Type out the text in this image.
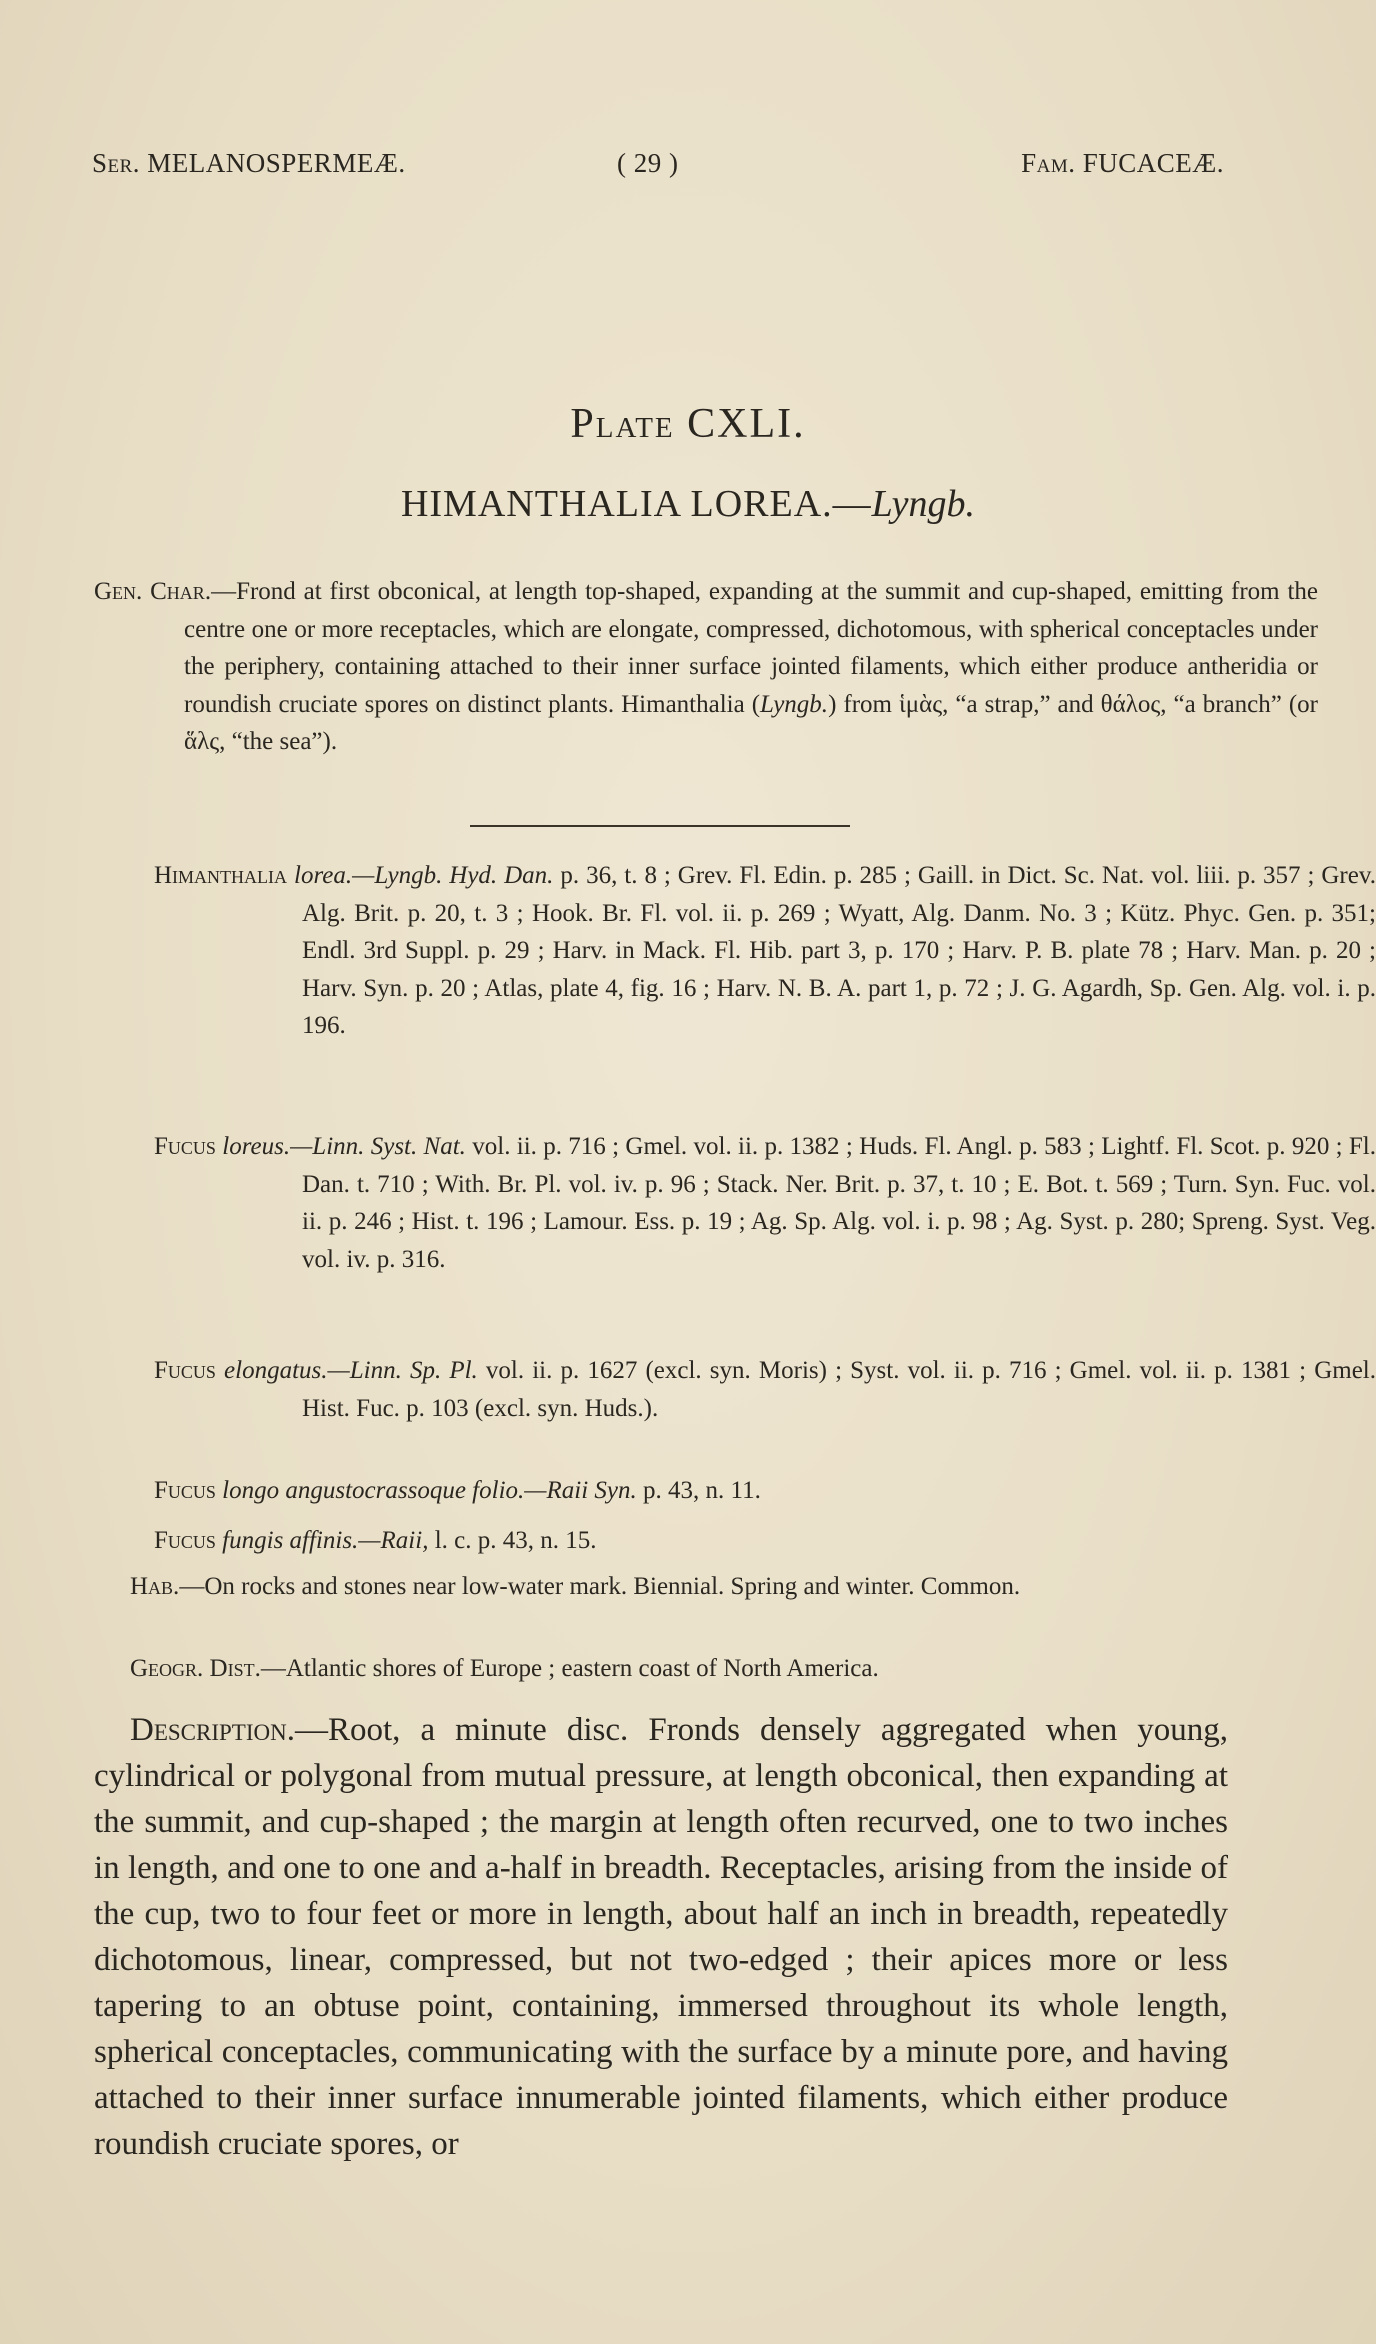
Ser. MELANOSPERMEÆ.	( 29 )	Fam. FUCACEÆ.
Plate CXLI.
HIMANTHALIA LOREA.—Lyngb.
Gen. Char.—Frond at first obconical, at length top-shaped, expanding at the summit and cup-shaped, emitting from the centre one or more receptacles, which are elongate, compressed, dichotomous, with spherical conceptacles under the periphery, containing attached to their inner surface jointed filaments, which either produce antheridia or roundish cruciate spores on distinct plants. Himanthalia (Lyngb.) from ἱμὰς, “a strap,” and θάλος, “a branch” (or ἅλς, “the sea”).
Himanthalia lorea.—Lyngb. Hyd. Dan. p. 36, t. 8 ; Grev. Fl. Edin. p. 285 ; Gaill. in Dict. Sc. Nat. vol. liii. p. 357 ; Grev. Alg. Brit. p. 20, t. 3 ; Hook. Br. Fl. vol. ii. p. 269 ; Wyatt, Alg. Danm. No. 3 ; Kütz. Phyc. Gen. p. 351; Endl. 3rd Suppl. p. 29 ; Harv. in Mack. Fl. Hib. part 3, p. 170 ; Harv. P. B. plate 78 ; Harv. Man. p. 20 ; Harv. Syn. p. 20 ; Atlas, plate 4, fig. 16 ; Harv. N. B. A. part 1, p. 72 ; J. G. Agardh, Sp. Gen. Alg. vol. i. p. 196.
Fucus loreus.—Linn. Syst. Nat. vol. ii. p. 716 ; Gmel. vol. ii. p. 1382 ; Huds. Fl. Angl. p. 583 ; Lightf. Fl. Scot. p. 920 ; Fl. Dan. t. 710 ; With. Br. Pl. vol. iv. p. 96 ; Stack. Ner. Brit. p. 37, t. 10 ; E. Bot. t. 569 ; Turn. Syn. Fuc. vol. ii. p. 246 ; Hist. t. 196 ; Lamour. Ess. p. 19 ; Ag. Sp. Alg. vol. i. p. 98 ; Ag. Syst. p. 280; Spreng. Syst. Veg. vol. iv. p. 316.
Fucus elongatus.—Linn. Sp. Pl. vol. ii. p. 1627 (excl. syn. Moris) ; Syst. vol. ii. p. 716 ; Gmel. vol. ii. p. 1381 ; Gmel. Hist. Fuc. p. 103 (excl. syn. Huds.).
Fucus longo angustocrassoque folio.—Raii Syn. p. 43, n. 11.
Fucus fungis affinis.—Raii, l. c. p. 43, n. 15.
Hab.—On rocks and stones near low-water mark. Biennial. Spring and winter. Common.
Geogr. Dist.—Atlantic shores of Europe ; eastern coast of North America.
Description.—Root, a minute disc. Fronds densely aggregated when young, cylindrical or polygonal from mutual pressure, at length obconical, then expanding at the summit, and cup-shaped ; the margin at length often recurved, one to two inches in length, and one to one and a-half in breadth. Receptacles, arising from the inside of the cup, two to four feet or more in length, about half an inch in breadth, repeatedly dichotomous, linear, compressed, but not two-edged ; their apices more or less tapering to an obtuse point, containing, immersed throughout its whole length, spherical conceptacles, communicating with the surface by a minute pore, and having attached to their inner surface innumerable jointed filaments, which either produce roundish cruciate spores, or
